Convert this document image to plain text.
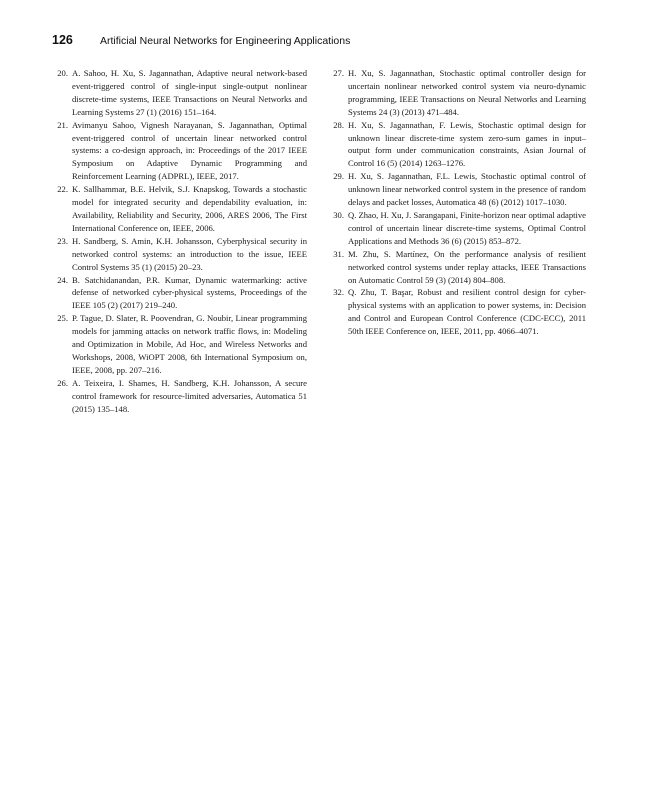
126	Artificial Neural Networks for Engineering Applications
20. A. Sahoo, H. Xu, S. Jagannathan, Adaptive neural network-based event-triggered control of single-input single-output nonlinear discrete-time systems, IEEE Transactions on Neural Networks and Learning Systems 27 (1) (2016) 151–164.
21. Avimanyu Sahoo, Vignesh Narayanan, S. Jagannathan, Optimal event-triggered control of uncertain linear networked control systems: a co-design approach, in: Proceedings of the 2017 IEEE Symposium on Adaptive Dynamic Programming and Reinforcement Learning (ADPRL), IEEE, 2017.
22. K. Sallhammar, B.E. Helvik, S.J. Knapskog, Towards a stochastic model for integrated security and dependability evaluation, in: Availability, Reliability and Security, 2006, ARES 2006, The First International Conference on, IEEE, 2006.
23. H. Sandberg, S. Amin, K.H. Johansson, Cyberphysical security in networked control systems: an introduction to the issue, IEEE Control Systems 35 (1) (2015) 20–23.
24. B. Satchidanandan, P.R. Kumar, Dynamic watermarking: active defense of networked cyber-physical systems, Proceedings of the IEEE 105 (2) (2017) 219–240.
25. P. Tague, D. Slater, R. Poovendran, G. Noubir, Linear programming models for jamming attacks on network traffic flows, in: Modeling and Optimization in Mobile, Ad Hoc, and Wireless Networks and Workshops, 2008, WiOPT 2008, 6th International Symposium on, IEEE, 2008, pp. 207–216.
26. A. Teixeira, I. Shames, H. Sandberg, K.H. Johansson, A secure control framework for resource-limited adversaries, Automatica 51 (2015) 135–148.
27. H. Xu, S. Jagannathan, Stochastic optimal controller design for uncertain nonlinear networked control system via neuro-dynamic programming, IEEE Transactions on Neural Networks and Learning Systems 24 (3) (2013) 471–484.
28. H. Xu, S. Jagannathan, F. Lewis, Stochastic optimal design for unknown linear discrete-time system zero-sum games in input–output form under communication constraints, Asian Journal of Control 16 (5) (2014) 1263–1276.
29. H. Xu, S. Jagannathan, F.L. Lewis, Stochastic optimal control of unknown linear networked control system in the presence of random delays and packet losses, Automatica 48 (6) (2012) 1017–1030.
30. Q. Zhao, H. Xu, J. Sarangapani, Finite-horizon near optimal adaptive control of uncertain linear discrete-time systems, Optimal Control Applications and Methods 36 (6) (2015) 853–872.
31. M. Zhu, S. Martínez, On the performance analysis of resilient networked control systems under replay attacks, IEEE Transactions on Automatic Control 59 (3) (2014) 804–808.
32. Q. Zhu, T. Başar, Robust and resilient control design for cyber-physical systems with an application to power systems, in: Decision and Control and European Control Conference (CDC-ECC), 2011 50th IEEE Conference on, IEEE, 2011, pp. 4066–4071.
